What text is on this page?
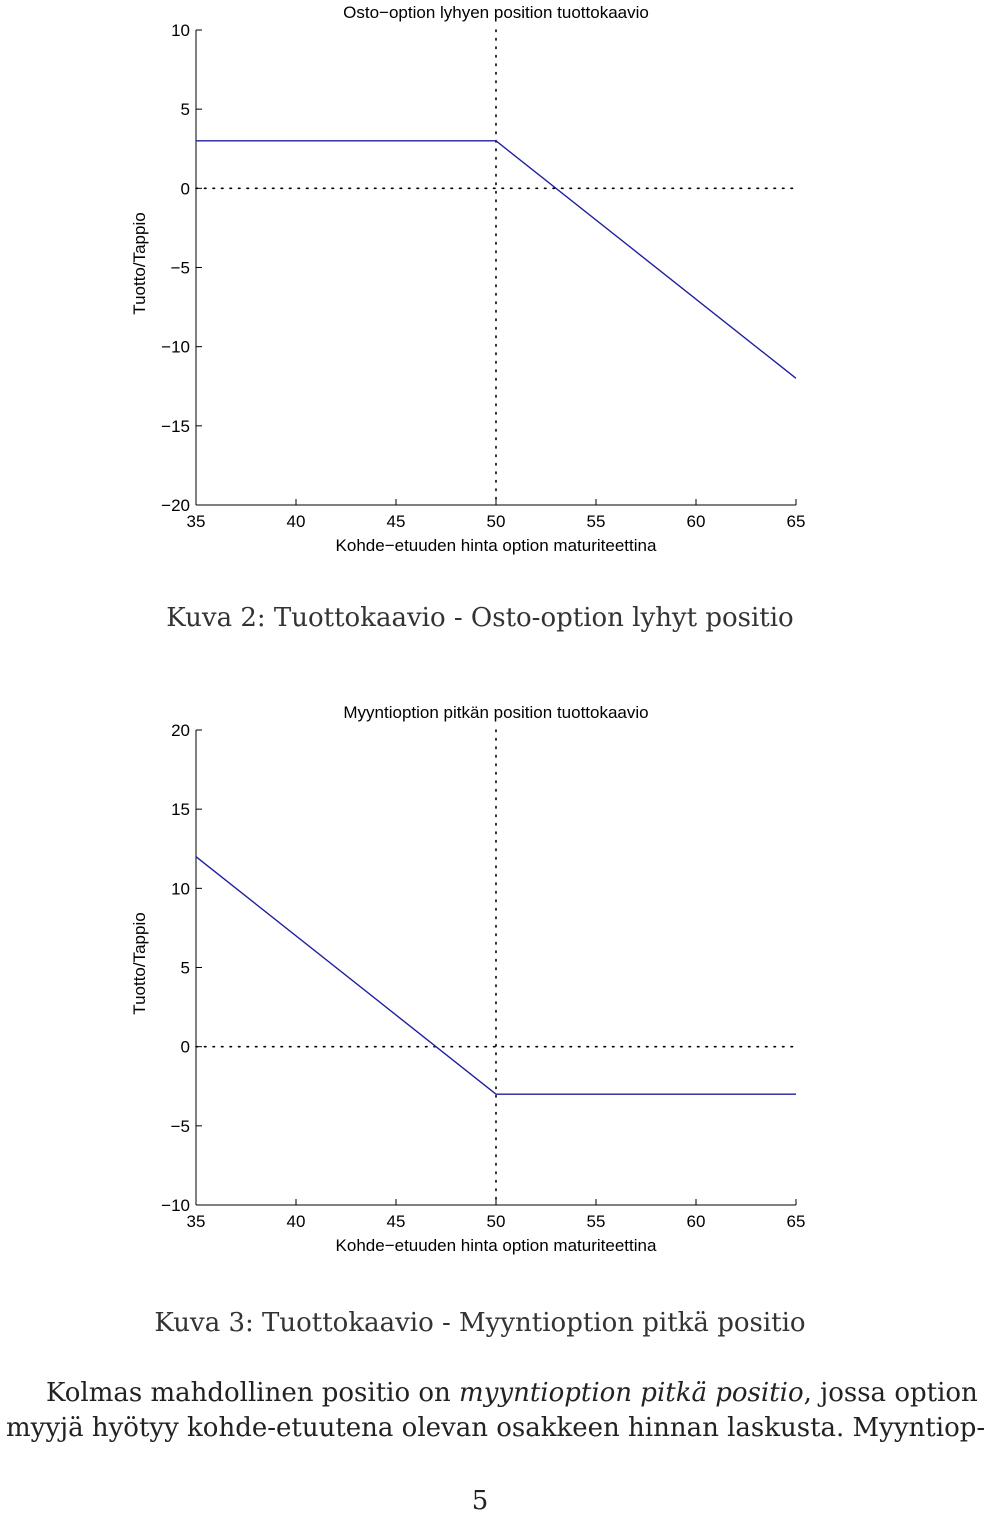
35	40	45	50	55	60	65
−20
−15
−10
−5
0
5
10
Osto−option lyhyen position tuottokaavio
Kohde−etuuden hinta option maturiteettina
Tuotto/Tappio
Kuva 2: Tuottokaavio - Osto-option lyhyt positio
35	40	45	50	55	60	65
−10
−5
0
5
10
15
20
Myyntioption pitkän position tuottokaavio
Kohde−etuuden hinta option maturiteettina
Tuotto/Tappio
Kuva 3: Tuottokaavio - Myyntioption pitkä positio
Kolmas mahdollinen positio on myyntioption pitkä positio, jossa option
myyjä hyötyy kohde-etuutena olevan osakkeen hinnan laskusta. Myyntiop-
5
